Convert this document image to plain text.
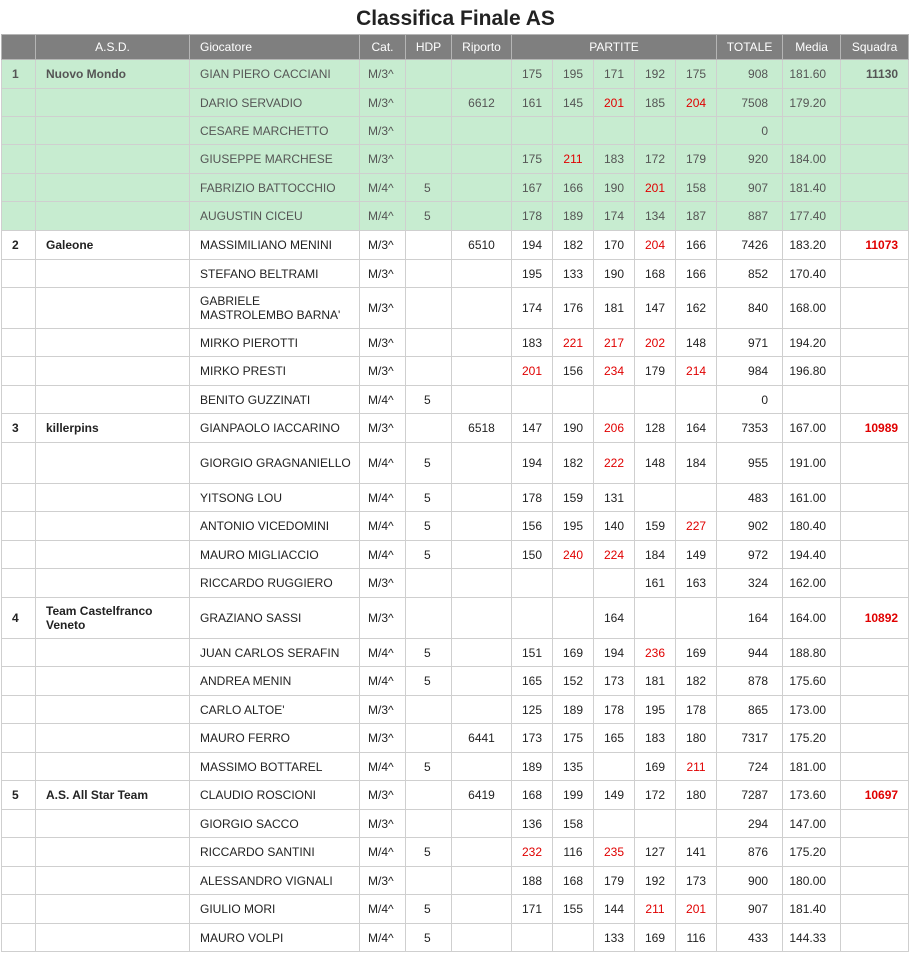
Classifica Finale AS
	A.S.D.	Giocatore	Cat.	HDP	Riporto	PARTITE					TOTALE	Media	Squadra
1	Nuovo Mondo	GIAN PIERO CACCIANI	M/3^			175	195	171	192	175	908	181.60	11130
		DARIO SERVADIO	M/3^		6612	161	145	201	185	204	7508	179.20	
		CESARE MARCHETTO	M/3^								0		
		GIUSEPPE MARCHESE	M/3^			175	211	183	172	179	920	184.00	
		FABRIZIO BATTOCCHIO	M/4^	5		167	166	190	201	158	907	181.40	
		AUGUSTIN CICEU	M/4^	5		178	189	174	134	187	887	177.40	
2	Galeone	MASSIMILIANO MENINI	M/3^		6510	194	182	170	204	166	7426	183.20	11073
		STEFANO BELTRAMI	M/3^			195	133	190	168	166	852	170.40	
		GABRIELE MASTROLEMBO BARNA'	M/3^			174	176	181	147	162	840	168.00	
		MIRKO PIEROTTI	M/3^			183	221	217	202	148	971	194.20	
		MIRKO PRESTI	M/3^			201	156	234	179	214	984	196.80	
		BENITO GUZZINATI	M/4^	5							0		
3	killerpins	GIANPAOLO IACCARINO	M/3^		6518	147	190	206	128	164	7353	167.00	10989
		GIORGIO GRAGNANIELLO	M/4^	5		194	182	222	148	184	955	191.00	
		YITSONG LOU	M/4^	5		178	159	131			483	161.00	
		ANTONIO VICEDOMINI	M/4^	5		156	195	140	159	227	902	180.40	
		MAURO MIGLIACCIO	M/4^	5		150	240	224	184	149	972	194.40	
		RICCARDO RUGGIERO	M/3^						161	163	324	162.00	
4	Team Castelfranco Veneto	GRAZIANO SASSI	M/3^					164			164	164.00	10892
		JUAN CARLOS SERAFIN	M/4^	5		151	169	194	236	169	944	188.80	
		ANDREA MENIN	M/4^	5		165	152	173	181	182	878	175.60	
		CARLO ALTOE'	M/3^			125	189	178	195	178	865	173.00	
		MAURO FERRO	M/3^		6441	173	175	165	183	180	7317	175.20	
		MASSIMO BOTTAREL	M/4^	5		189	135		169	211	724	181.00	
5	A.S. All Star Team	CLAUDIO ROSCIONI	M/3^		6419	168	199	149	172	180	7287	173.60	10697
		GIORGIO SACCO	M/3^			136	158				294	147.00	
		RICCARDO SANTINI	M/4^	5		232	116	235	127	141	876	175.20	
		ALESSANDRO VIGNALI	M/3^			188	168	179	192	173	900	180.00	
		GIULIO MORI	M/4^	5		171	155	144	211	201	907	181.40	
		MAURO VOLPI	M/4^	5				133	169	116	433	144.33	
